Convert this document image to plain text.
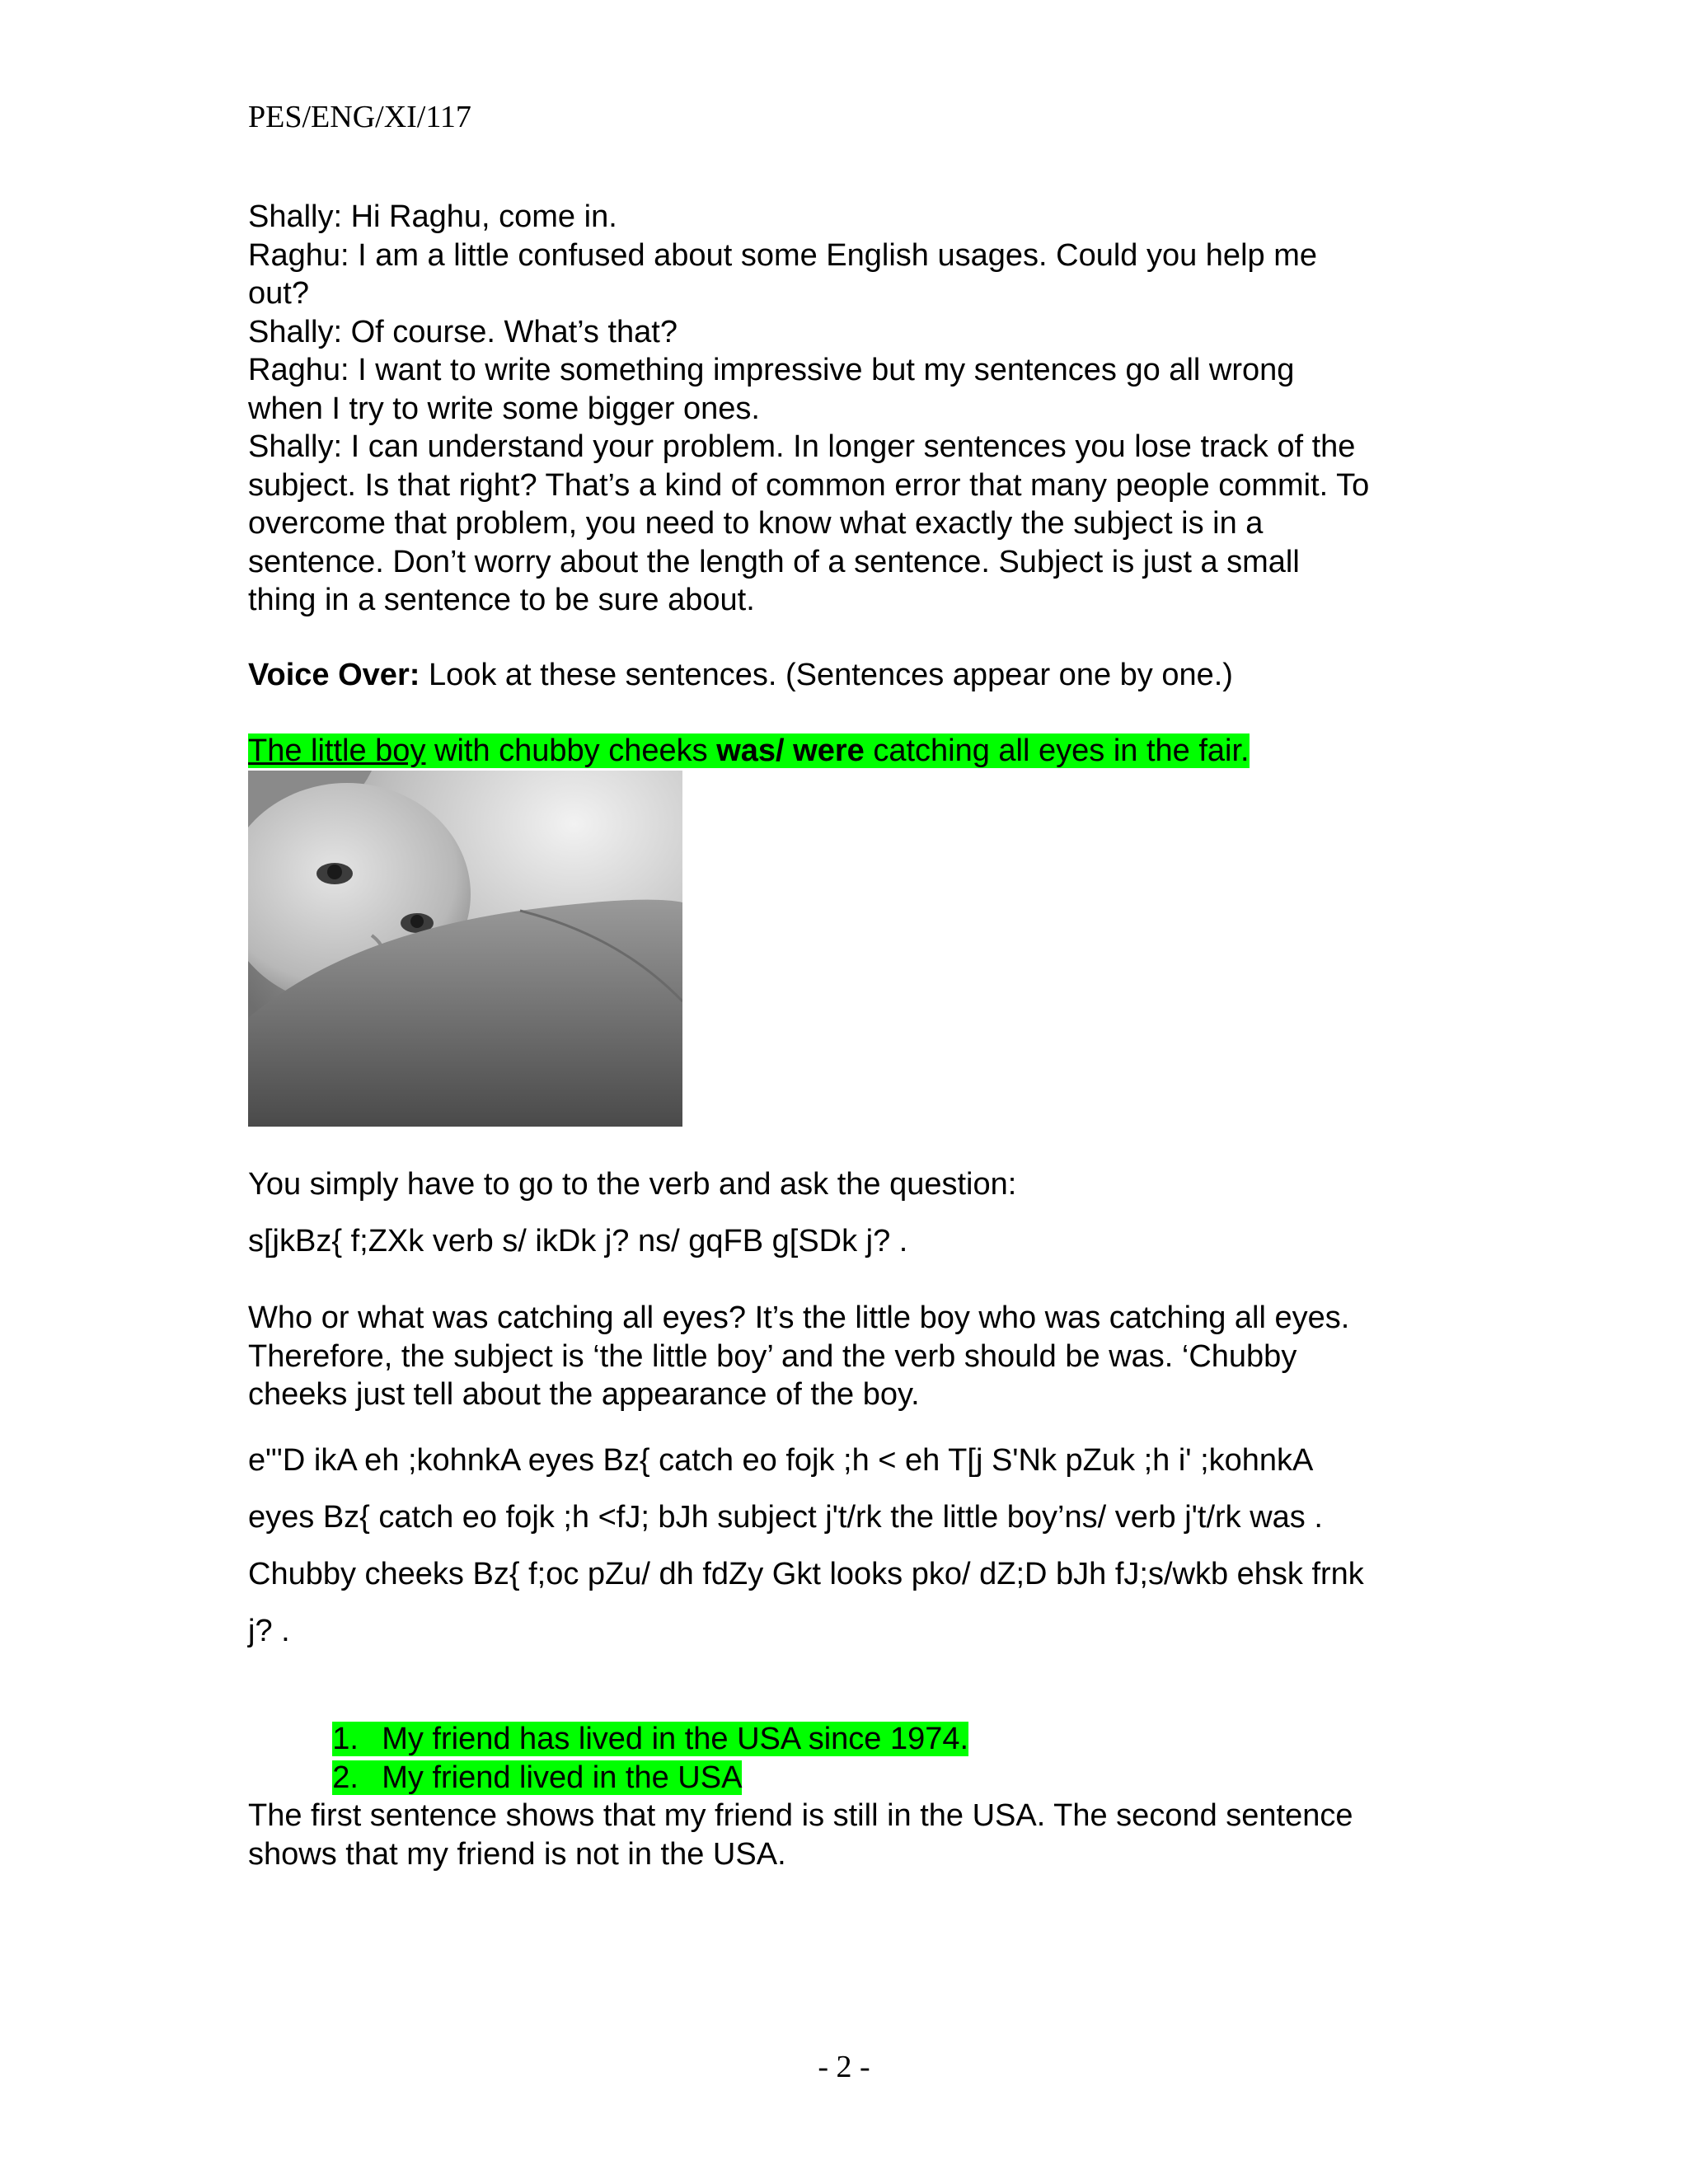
PES/ENG/XI/117
Shally: Hi Raghu, come in.
Raghu: I am a little confused about some English usages. Could you help me
out?
Shally: Of course. What’s that?
Raghu: I want to write something impressive but my sentences go all wrong
when I try to write some bigger ones.
Shally: I can understand your problem. In longer sentences you lose track of the
subject. Is that right? That’s a kind of common error that many people commit. To
overcome that problem, you need to know what exactly the subject is in a
sentence. Don’t worry about the length of a sentence. Subject is just a small
thing in a sentence to be sure about.
Voice Over: Look at these sentences. (Sentences appear one by one.)
The little boy with chubby cheeks was/ were catching all eyes in the fair.
You simply have to go to the verb and ask the question:
s[jkBz{ f;ZXk verb s/ ikDk j? ns/ gqFB g[SDk j? .
Who or what was catching all eyes? It’s the little boy who was catching all eyes.
Therefore, the subject is ‘the little boy’ and the verb should be was. ‘Chubby
cheeks just tell about the appearance of the boy.
e"'D ikA eh ;kohnkA eyes Bz{ catch eo fojk ;h < eh T[j S'Nk pZuk ;h i' ;kohnkA
eyes Bz{ catch eo fojk ;h <fJ; bJh subject j't/rk the little boy’ns/ verb j't/rk was .
Chubby cheeks Bz{ f;oc pZu/ dh fdZy Gkt looks pko/ dZ;D bJh fJ;s/wkb ehsk frnk
j? .

1. My friend has lived in the USA since 1974.

2. My friend lived in the USA

The first sentence shows that my friend is still in the USA. The second sentence
shows that my friend is not in the USA.
- 2 -
